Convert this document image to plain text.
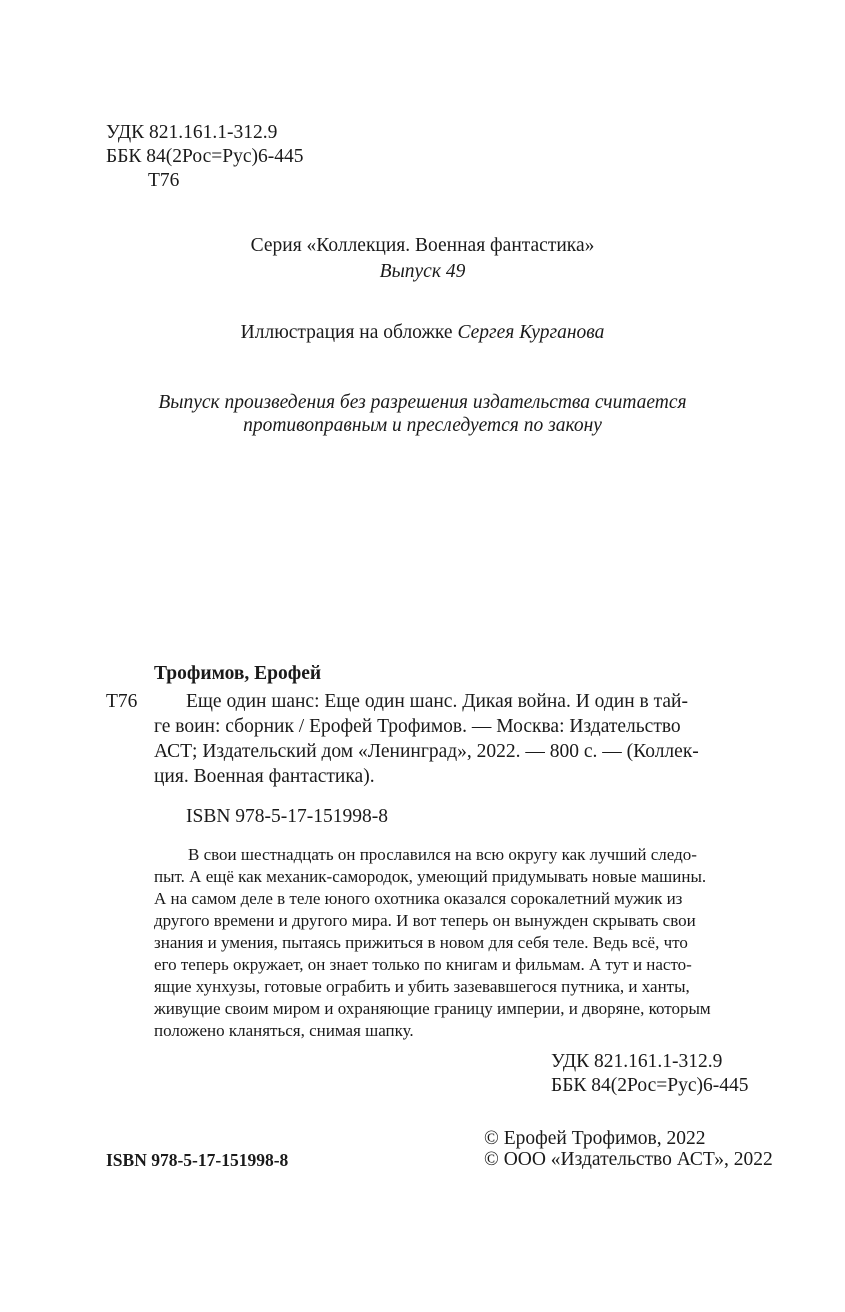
УДК 821.161.1-312.9
ББК 84(2Рос=Рус)6-445
Т76
Серия «Коллекция. Военная фантастика»
Выпуск 49
Иллюстрация на обложке Сергея Курганова
Выпуск произведения без разрешения издательства считается
противоправным и преследуется по закону
Трофимов, Ерофей
Т76 Еще один шанс: Еще один шанс. Дикая война. И один в тай-
ге воин: сборник / Ерофей Трофимов. — Москва: Издательство
АСТ; Издательский дом «Ленинград», 2022. — 800 с. — (Коллек-
ция. Военная фантастика).
ISBN 978-5-17-151998-8
В свои шестнадцать он прославился на всю округу как лучший следо-
пыт. А ещё как механик-самородок, умеющий придумывать новые машины.
А на самом деле в теле юного охотника оказался сорокалетний мужик из
другого времени и другого мира. И вот теперь он вынужден скрывать свои
знания и умения, пытаясь прижиться в новом для себя теле. Ведь всё, что
его теперь окружает, он знает только по книгам и фильмам. А тут и насто-
ящие хунхузы, готовые ограбить и убить зазевавшегося путника, и ханты,
живущие своим миром и охраняющие границу империи, и дворяне, которым
положено кланяться, снимая шапку.
УДК 821.161.1-312.9
ББК 84(2Рос=Рус)6-445
© Ерофей Трофимов, 2022
ISBN 978-5-17-151998-8	© ООО «Издательство АСТ», 2022
